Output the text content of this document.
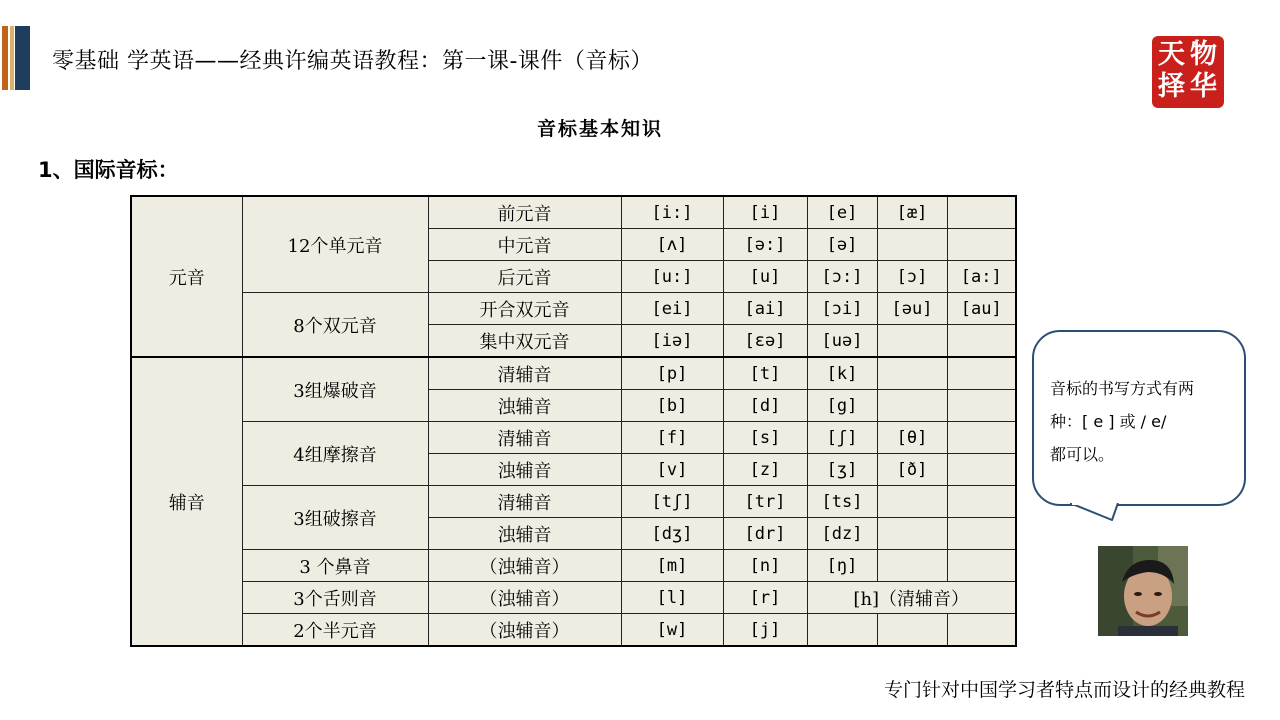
零基础 学英语——经典许编英语教程：第一课-课件（音标）	天 物
择 华
音标基本知识
1、国际音标：
元音	12个单元音	前元音	[i:]	[i]	[e]	[æ]	
		中元音	[ʌ]	[ə:]	[ə]		
		后元音	[u:]	[u]	[ɔ:]	[ɔ]	[a:]
	8个双元音	开合双元音	[ei]	[ai]	[ɔi]	[əu]	[au]
		集中双元音	[iə]	[εə]	[uə]		
辅音	3组爆破音	清辅音	[p]	[t]	[k]		
		浊辅音	[b]	[d]	[g]		
	4组摩擦音	清辅音	[f]	[s]	[ʃ]	[θ]	
		浊辅音	[v]	[z]	[ʒ]	[ð]	
	3组破擦音	清辅音	[tʃ]	[tr]	[ts]		
		浊辅音	[dʒ]	[dr]	[dz]		
	3 个鼻音	（浊辅音）	[m]	[n]	[ŋ]		
	3个舌则音	（浊辅音）	[l]	[r]	[h]（清辅音）		
	2个半元音	（浊辅音）	[w]	[j]			
音标的书写方式有两
种：[ e ] 或 / e/
都可以。
专门针对中国学习者特点而设计的经典教程
